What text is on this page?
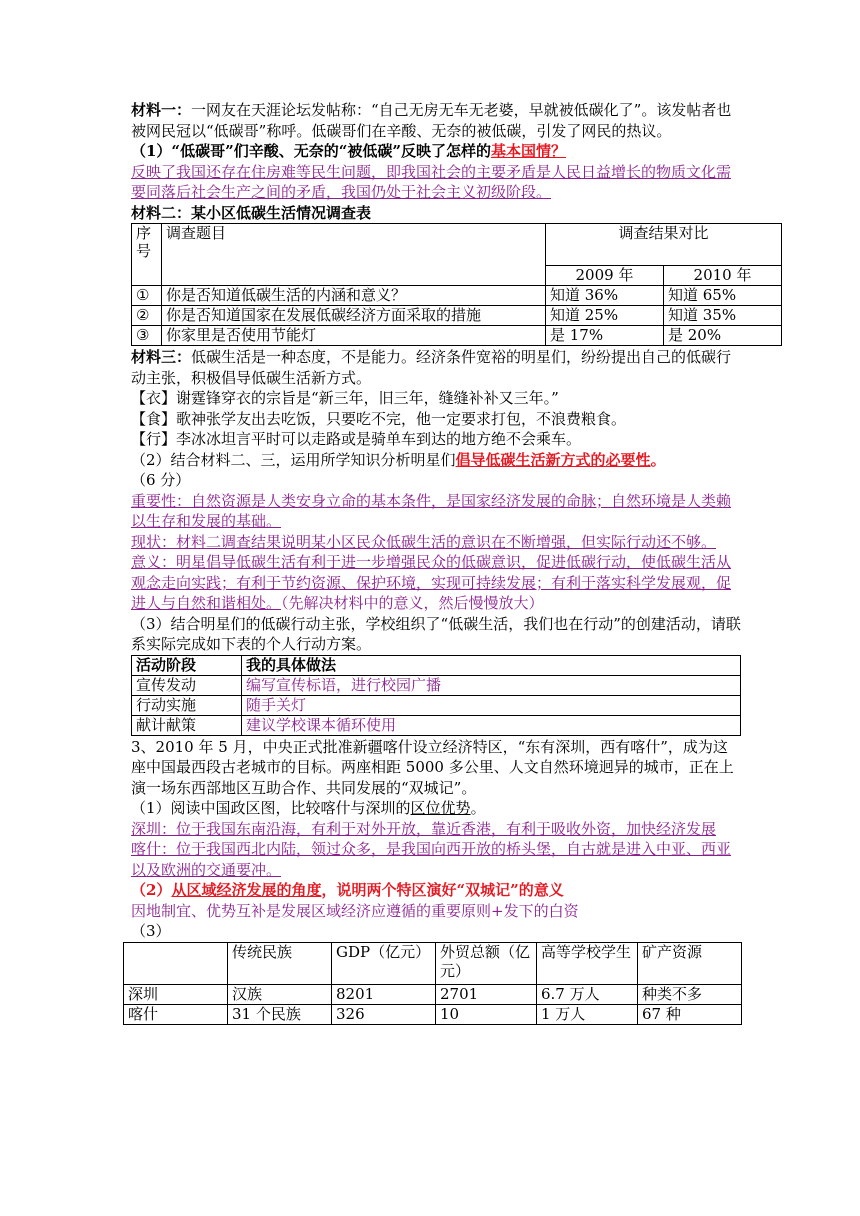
材料一：一网友在天涯论坛发帖称：“自己无房无车无老婆，早就被低碳化了”。该发帖者也被网民冠以“低碳哥”称呼。低碳哥们在辛酸、无奈的被低碳，引发了网民的热议。

（1）“低碳哥”们辛酸、无奈的“被低碳”反映了怎样的基本国情？

反映了我国还存在住房难等民生问题，即我国社会的主要矛盾是人民日益增长的物质文化需要同落后社会生产之间的矛盾，我国仍处于社会主义初级阶段。

材料二：某小区低碳生活情况调查表

序号	调查题目	调查结果对比	
		2009 年	2010 年
①	你是否知道低碳生活的内涵和意义？	知道 36%	知道 65%
②	你是否知道国家在发展低碳经济方面采取的措施	知道 25%	知道 35%
③	你家里是否使用节能灯	是 17%	是 20%

材料三：低碳生活是一种态度，不是能力。经济条件宽裕的明星们，纷纷提出自己的低碳行动主张，积极倡导低碳生活新方式。

【衣】谢霆锋穿衣的宗旨是“新三年，旧三年，缝缝补补又三年。”

【食】歌神张学友出去吃饭，只要吃不完，他一定要求打包，不浪费粮食。

【行】李冰冰坦言平时可以走路或是骑单车到达的地方绝不会乘车。

（2）结合材料二、三，运用所学知识分析明星们倡导低碳生活新方式的必要性。

（6 分）

重要性：自然资源是人类安身立命的基本条件，是国家经济发展的命脉；自然环境是人类赖以生存和发展的基础。

现状：材料二调查结果说明某小区民众低碳生活的意识在不断增强，但实际行动还不够。

意义：明星倡导低碳生活有利于进一步增强民众的低碳意识，促进低碳行动，使低碳生活从观念走向实践；有利于节约资源、保护环境，实现可持续发展；有利于落实科学发展观，促进人与自然和谐相处。（先解决材料中的意义，然后慢慢放大）

（3）结合明星们的低碳行动主张，学校组织了“低碳生活，我们也在行动”的创建活动，请联系实际完成如下表的个人行动方案。

活动阶段	我的具体做法
宣传发动	编写宣传标语，进行校园广播
行动实施	随手关灯
献计献策	建议学校课本循环使用

3、2010 年 5 月，中央正式批准新疆喀什设立经济特区，“东有深圳，西有喀什”，成为这座中国最西段古老城市的目标。两座相距 5000 多公里、人文自然环境迥异的城市，正在上演一场东西部地区互助合作、共同发展的“双城记”。

（1）阅读中国政区图，比较喀什与深圳的区位优势。

深圳：位于我国东南沿海，有利于对外开放，靠近香港，有利于吸收外资，加快经济发展

喀什：位于我国西北内陆，领过众多，是我国向西开放的桥头堡，自古就是进入中亚、西亚以及欧洲的交通要冲。

（2）从区域经济发展的角度，说明两个特区演好“双城记”的意义

因地制宜、优势互补是发展区域经济应遵循的重要原则+发下的白资

（3）

	传统民族	GDP（亿元）	外贸总额（亿元）	高等学校学生	矿产资源
深圳	汉族	8201	2701	6.7 万人	种类不多
喀什	31 个民族	326	10	1 万人	67 种
